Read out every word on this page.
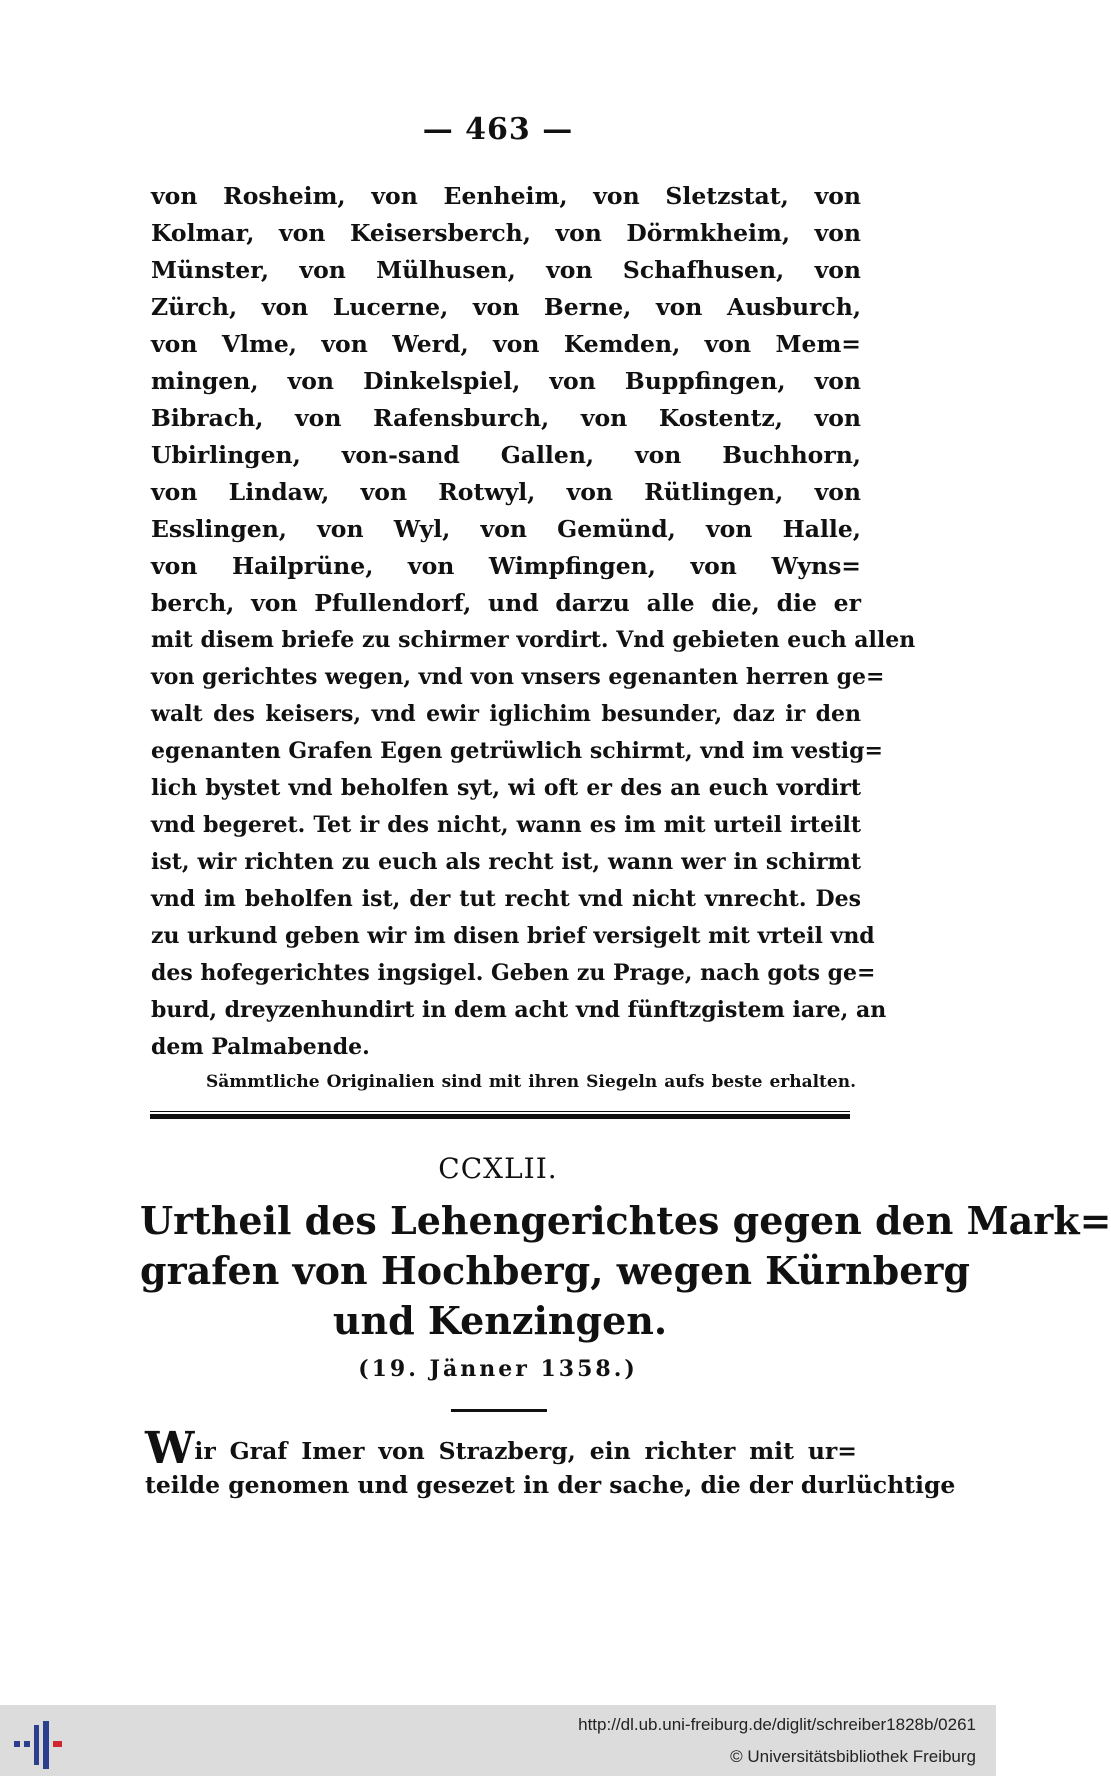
— 463 —
von Rosheim, von Eenheim, von Sletzstat, von
Kolmar, von Keisersberch, von Dörmkheim, von
Münster, von Mülhusen, von Schafhusen, von
Zürch, von Lucerne, von Berne, von Ausburch,
von Vlme, von Werd, von Kemden, von Mem=
mingen, von Dinkelspiel, von Buppfingen, von
Bibrach, von Rafensburch, von Kostentz, von
Ubirlingen, von-sand Gallen, von Buchhorn,
von Lindaw, von Rotwyl, von Rütlingen, von
Esslingen, von Wyl, von Gemünd, von Halle,
von Hailprüne, von Wimpfingen, von Wyns=
berch, von Pfullendorf, und darzu alle die, die er
mit disem briefe zu schirmer vordirt. Vnd gebieten euch allen
von gerichtes wegen, vnd von vnsers egenanten herren ge=
walt des keisers, vnd ewir iglichim besunder, daz ir den
egenanten Grafen Egen getrüwlich schirmt, vnd im vestig=
lich bystet vnd beholfen syt, wi oft er des an euch vordirt
vnd begeret. Tet ir des nicht, wann es im mit urteil irteilt
ist, wir richten zu euch als recht ist, wann wer in schirmt
vnd im beholfen ist, der tut recht vnd nicht vnrecht. Des
zu urkund geben wir im disen brief versigelt mit vrteil vnd
des hofegerichtes ingsigel. Geben zu Prage, nach gots ge=
burd, dreyzenhundirt in dem acht vnd fünftzgistem iare, an
dem Palmabende.
Sämmtliche Originalien sind mit ihren Siegeln aufs beste erhalten.
CCXLII.
Urtheil des Lehengerichtes gegen den Mark=
grafen von Hochberg, wegen Kürnberg
und Kenzingen.
(19. Jänner 1358.)
Wir Graf Imer von Strazberg, ein richter mit ur=
teilde genomen und gesezet in der sache, die der durlüchtige
http://dl.ub.uni-freiburg.de/diglit/schreiber1828b/0261
© Universitätsbibliothek Freiburg
